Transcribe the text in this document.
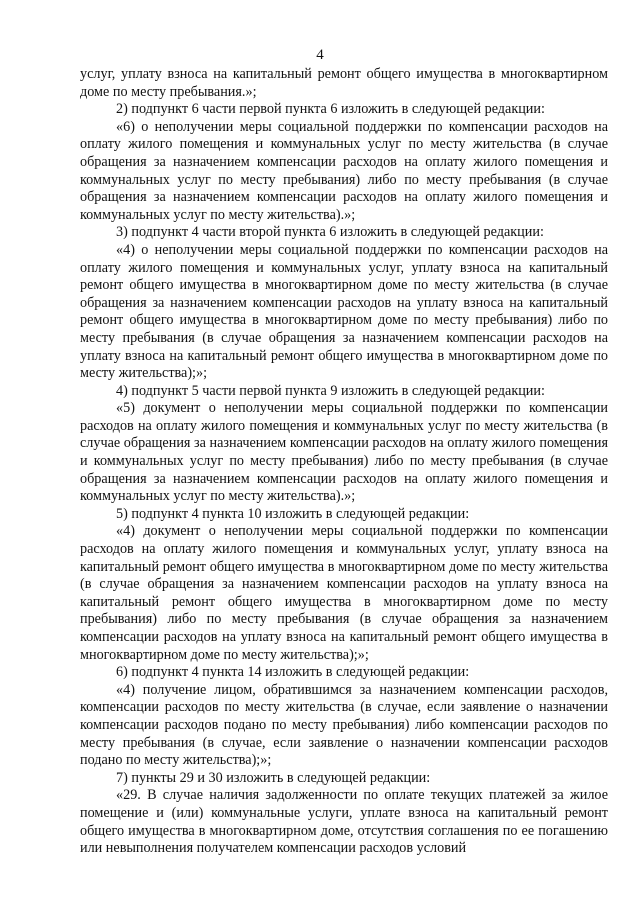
4

услуг, уплату взноса на капитальный ремонт общего имущества в многоквартирном доме по месту пребывания.»;

2) подпункт 6 части первой пункта 6 изложить в следующей редакции:

«6) о неполучении меры социальной поддержки по компенсации расходов на оплату жилого помещения и коммунальных услуг по месту жительства (в случае обращения за назначением компенсации расходов на оплату жилого помещения и коммунальных услуг по месту пребывания) либо по месту пребывания (в случае обращения за назначением компенсации расходов на оплату жилого помещения и коммунальных услуг по месту жительства).»;

3) подпункт 4 части второй пункта 6 изложить в следующей редакции:

«4) о неполучении меры социальной поддержки по компенсации расходов на оплату жилого помещения и коммунальных услуг, уплату взноса на капитальный ремонт общего имущества в многоквартирном доме по месту жительства (в случае обращения за назначением компенсации расходов на уплату взноса на капитальный ремонт общего имущества в многоквартирном доме по месту пребывания) либо по месту пребывания (в случае обращения за назначением компенсации расходов на уплату взноса на капитальный ремонт общего имущества в многоквартирном доме по месту жительства);»;

4) подпункт 5 части первой пункта 9 изложить в следующей редакции:

«5) документ о неполучении меры социальной поддержки по компенсации расходов на оплату жилого помещения и коммунальных услуг по месту жительства (в случае обращения за назначением компенсации расходов на оплату жилого помещения и коммунальных услуг по месту пребывания) либо по месту пребывания (в случае обращения за назначением компенсации расходов на оплату жилого помещения и коммунальных услуг по месту жительства).»;

5) подпункт 4 пункта 10 изложить в следующей редакции:

«4) документ о неполучении меры социальной поддержки по компенсации расходов на оплату жилого помещения и коммунальных услуг, уплату взноса на капитальный ремонт общего имущества в многоквартирном доме по месту жительства (в случае обращения за назначением компенсации расходов на уплату взноса на капитальный ремонт общего имущества в многоквартирном доме по месту пребывания) либо по месту пребывания (в случае обращения за назначением компенсации расходов на уплату взноса на капитальный ремонт общего имущества в многоквартирном доме по месту жительства);»;

6) подпункт 4 пункта 14 изложить в следующей редакции:

«4) получение лицом, обратившимся за назначением компенсации расходов, компенсации расходов по месту жительства (в случае, если заявление о назначении компенсации расходов подано по месту пребывания) либо компенсации расходов по месту пребывания (в случае, если заявление о назначении компенсации расходов подано по месту жительства);»;

7) пункты 29 и 30 изложить в следующей редакции:

«29. В случае наличия задолженности по оплате текущих платежей за жилое помещение и (или) коммунальные услуги, уплате взноса на капитальный ремонт общего имущества в многоквартирном доме, отсутствия соглашения по ее погашению или невыполнения получателем компенсации расходов условий
